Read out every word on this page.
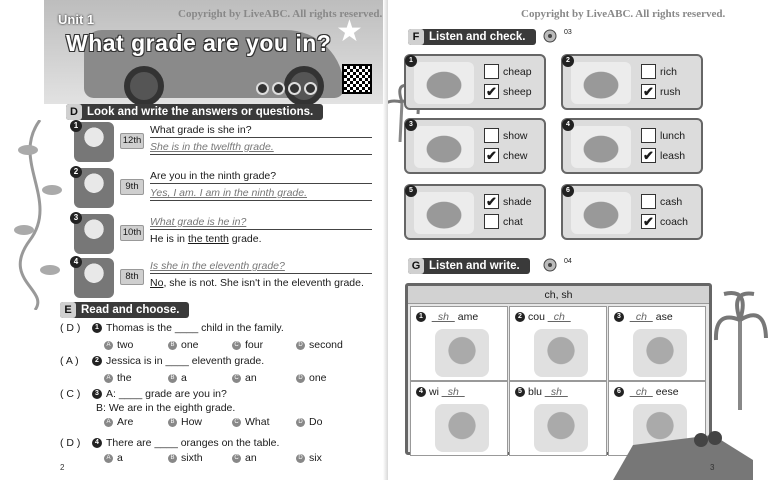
★
Copyright by LiveABC. All rights reserved.
Unit 1
What grade are you in?
D Look and write the answers or questions.
1
12th
What grade is she in?
She is in the twelfth grade.
2
9th
Are you in the ninth grade?
Yes, I am. I am in the ninth grade.
3
10th
What grade is he in?
He is in the tenth grade.
4
8th
Is she in the eleventh grade?
No, she is not. She isn't in the eleventh grade.
E Read and choose.
( D )	1 Thomas is the ____ child in the family.
A two	B one	C four	D second
( A )	2 Jessica is in ____ eleventh grade.
A the	B a	C an	D one
( C )	3 A: ____ grade are you in?
B: We are in the eighth grade.
A Are	B How	C What	D Do
( D )	4 There are ____ oranges on the table.
A a	B sixth	C an	D six
2
Copyright by LiveABC. All rights reserved.
F Listen and check.	03
1
cheap
✔ sheep
2
rich
✔ rush
3
show
✔ chew
4
lunch
✔ leash
5
✔ shade
chat
6
cash
✔ coach
G Listen and write.	04
ch, sh
1 _sh_ ame	2 cou _ch_	3 _ch_ ase
4 wi _sh_	5 blu _sh_	6 _ch_ eese
3
